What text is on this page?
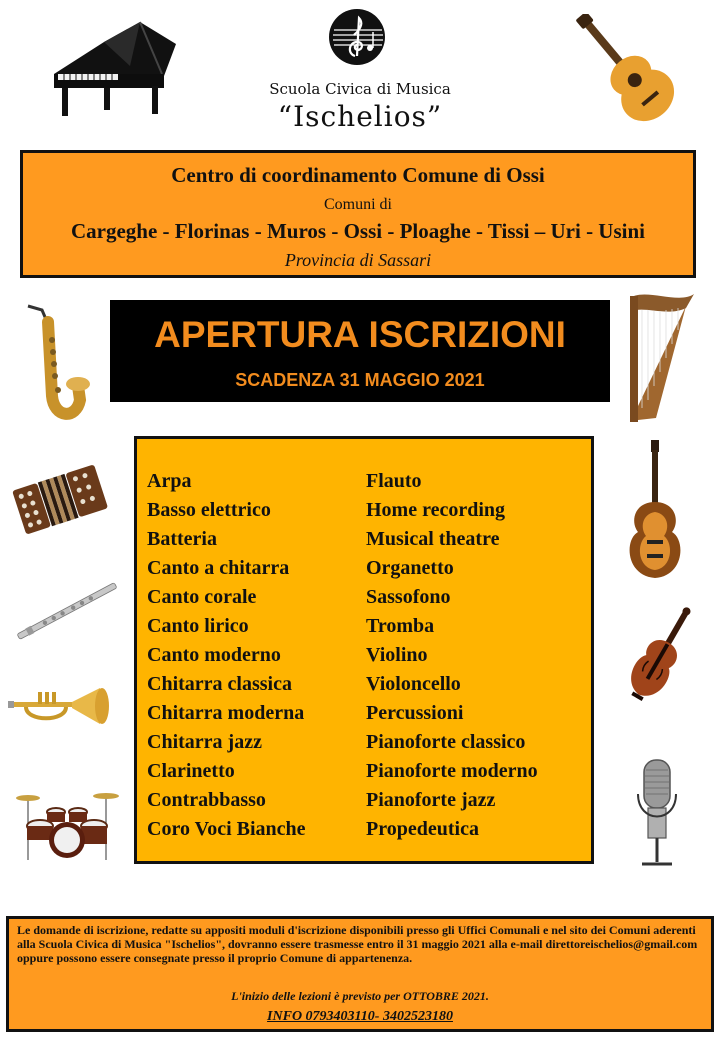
Scuola Civica di Musica
“Ischelios”
Centro di coordinamento Comune di Ossi
Comuni di
Cargeghe - Florinas - Muros - Ossi - Ploaghe - Tissi – Uri - Usini
Provincia di Sassari
APERTURA ISCRIZIONI
SCADENZA 31 MAGGIO 2021
Arpa
Basso elettrico
Batteria
Canto a chitarra
Canto corale
Canto lirico
Canto moderno
Chitarra classica
Chitarra moderna
Chitarra jazz
Clarinetto
Contrabbasso
Coro Voci Bianche
Flauto
Home recording
Musical theatre
Organetto
Sassofono
Tromba
Violino
Violoncello
Percussioni
Pianoforte classico
Pianoforte moderno
Pianoforte jazz
Propedeutica
Le domande di iscrizione, redatte su appositi moduli d'iscrizione disponibili presso gli Uffici Comunali e nel sito dei Comuni aderenti alla Scuola Civica di Musica "Ischelios", dovranno essere trasmesse entro il 31 maggio 2021 alla e-mail direttoreischelios@gmail.com oppure possono essere consegnate presso il proprio Comune di appartenenza.
L'inizio delle lezioni è previsto per OTTOBRE 2021.
INFO 0793403110- 3402523180
